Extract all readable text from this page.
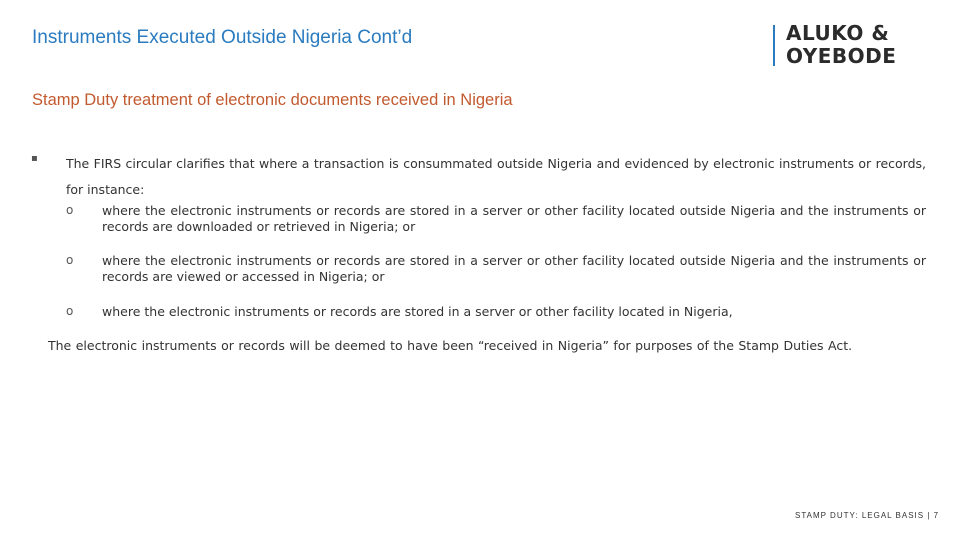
Instruments Executed Outside Nigeria Cont’d	ALUKO &
OYEBODE
Stamp Duty treatment of electronic documents received in Nigeria
▪ The FIRS circular clarifies that where a transaction is consummated outside Nigeria and evidenced by electronic instruments or records, for instance:
o where the electronic instruments or records are stored in a server or other facility located outside Nigeria and the instruments or records are downloaded or retrieved in Nigeria; or
o where the electronic instruments or records are stored in a server or other facility located outside Nigeria and the instruments or records are viewed or accessed in Nigeria; or
o where the electronic instruments or records are stored in a server or other facility located in Nigeria,
The electronic instruments or records will be deemed to have been “received in Nigeria” for purposes of the Stamp Duties Act.
STAMP DUTY: LEGAL BASIS | 7
